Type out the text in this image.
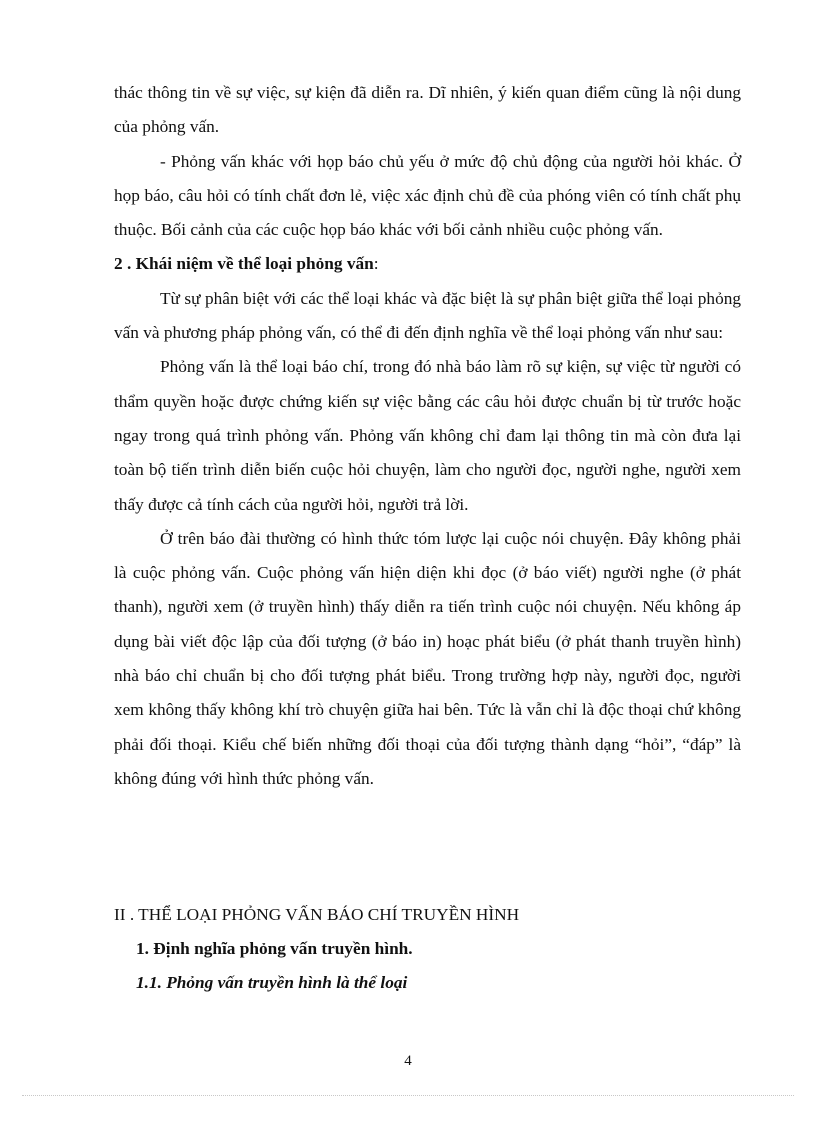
thác thông tin về sự việc, sự kiện đã diễn ra. Dĩ nhiên, ý kiến quan điểm cũng là nội dung của phỏng vấn.

- Phỏng vấn khác với họp báo chủ yếu ở mức độ chủ động của người hỏi khác. Ở họp báo, câu hỏi có tính chất đơn lẻ, việc xác định chủ đề của phóng viên có tính chất phụ thuộc. Bối cảnh của các cuộc họp báo khác với bối cảnh nhiều cuộc phỏng vấn.

2 . Khái niệm về thể loại phỏng vấn:

Từ sự phân biệt với các thể loại khác và đặc biệt là sự phân biệt giữa thể loại phỏng vấn và phương pháp phỏng vấn, có thể đi đến định nghĩa về thể loại phỏng vấn như sau:

Phỏng vấn là thể loại báo chí, trong đó nhà báo làm rõ sự kiện, sự việc từ người có thẩm quyền hoặc được chứng kiến sự việc bằng các câu hỏi được chuẩn bị từ trước hoặc ngay trong quá trình phỏng vấn. Phỏng vấn không chỉ đam lại thông tin mà còn đưa lại toàn bộ tiến trình diễn biến cuộc hỏi chuyện, làm cho người đọc, người nghe, người xem thấy được cả tính cách của người hỏi, người trả lời.

Ở trên báo đài thường có hình thức tóm lược lại cuộc nói chuyện. Đây không phải là cuộc phỏng vấn. Cuộc phỏng vấn hiện diện khi đọc (ở báo viết) người nghe (ở phát thanh), người xem (ở truyền hình) thấy diễn ra tiến trình cuộc nói chuyện. Nếu không áp dụng bài viết độc lập của đối tượng (ở báo in) hoạc phát biểu (ở phát thanh truyền hình) nhà báo chỉ chuẩn bị cho đối tượng phát biểu. Trong trường hợp này, người đọc, người xem không thấy không khí trò chuyện giữa hai bên. Tức là vẫn chỉ là độc thoại chứ không phải đối thoại. Kiểu chế biến những đối thoại của đối tượng thành dạng “hỏi”, “đáp” là không đúng với hình thức phỏng vấn.

II . THỂ LOẠI PHỎNG VẤN BÁO CHÍ TRUYỀN HÌNH
1. Định nghĩa phỏng vấn truyền hình.
1.1. Phỏng vấn truyền hình là thể loại
4
